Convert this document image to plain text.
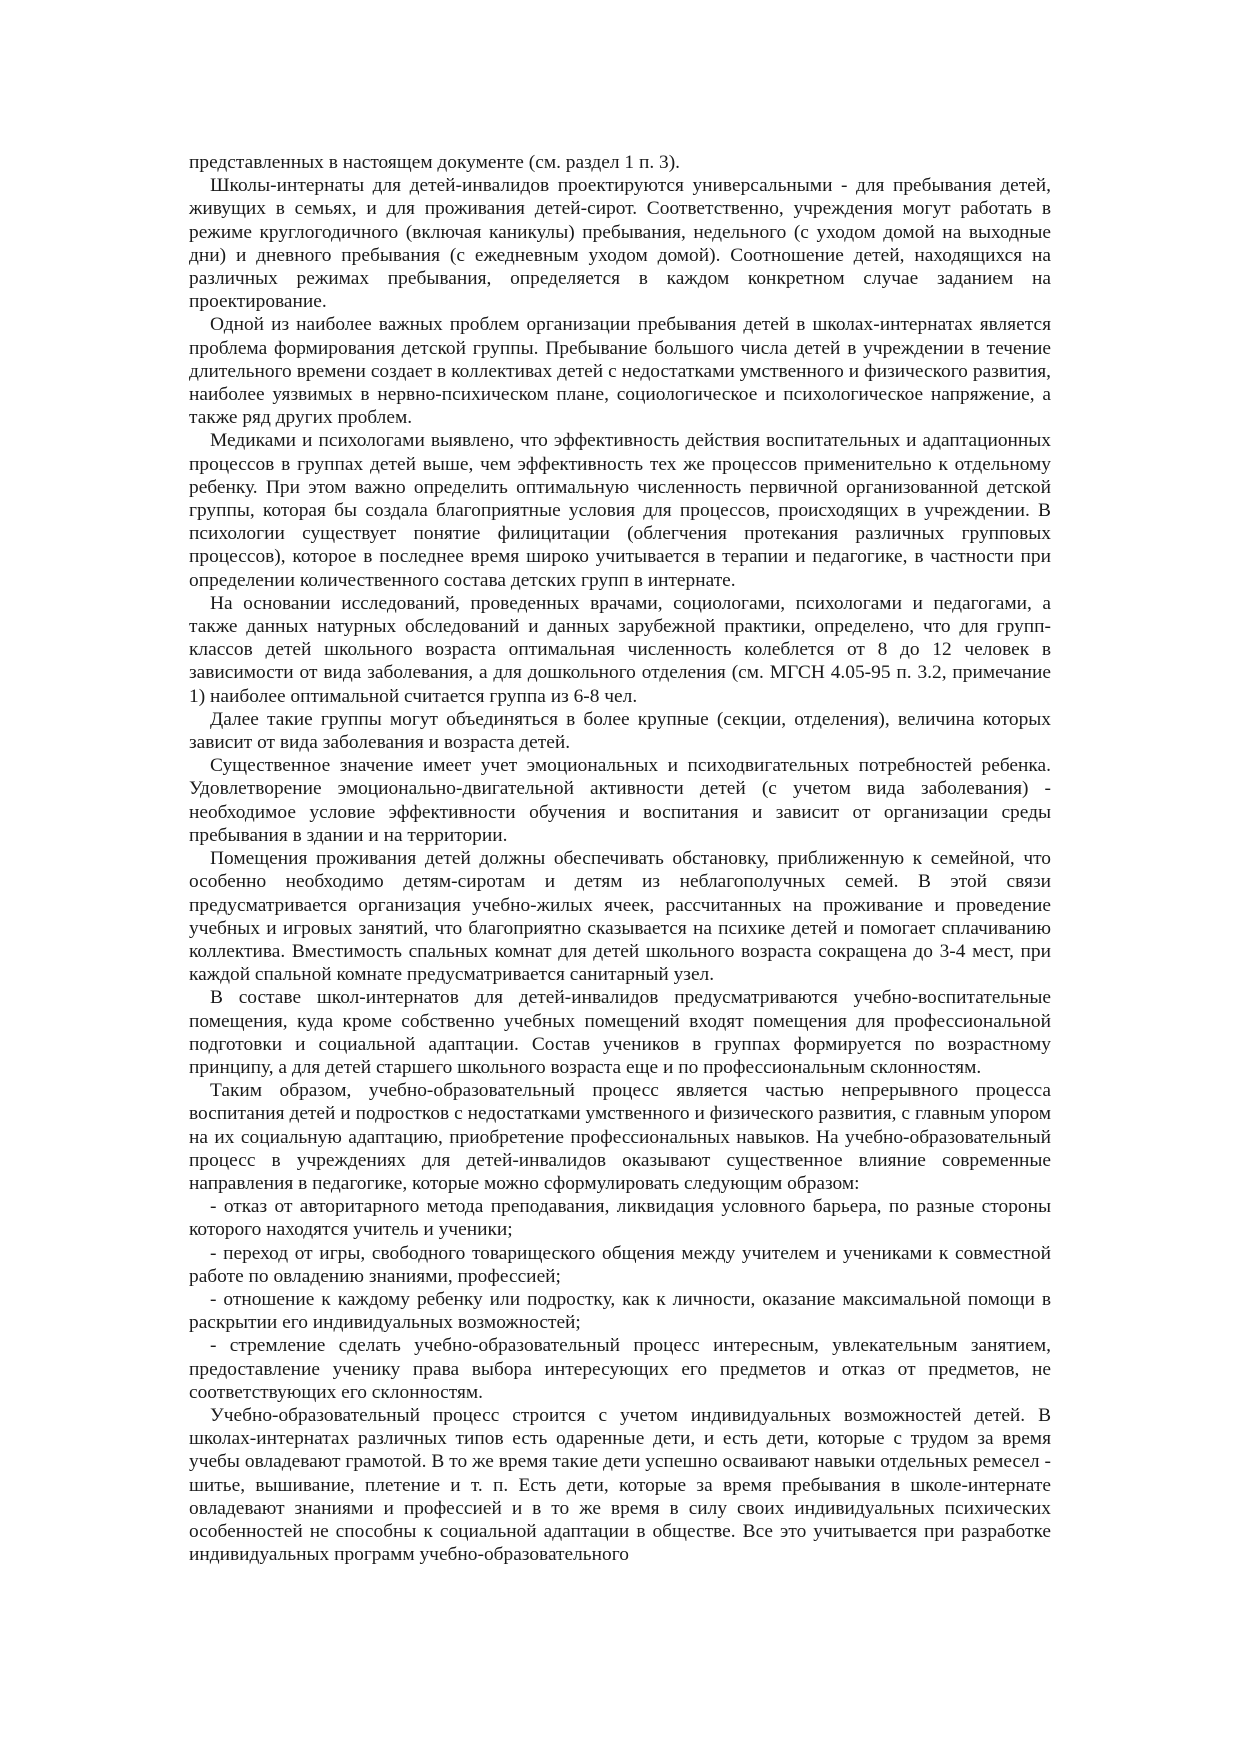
представленных в настоящем документе (см. раздел 1 п. 3).

Школы-интернаты для детей-инвалидов проектируются универсальными - для пребывания детей, живущих в семьях, и для проживания детей-сирот. Соответственно, учреждения могут работать в режиме круглогодичного (включая каникулы) пребывания, недельного (с уходом домой на выходные дни) и дневного пребывания (с ежедневным уходом домой). Соотношение детей, находящихся на различных режимах пребывания, определяется в каждом конкретном случае заданием на проектирование.

Одной из наиболее важных проблем организации пребывания детей в школах-интернатах является проблема формирования детской группы. Пребывание большого числа детей в учреждении в течение длительного времени создает в коллективах детей с недостатками умственного и физического развития, наиболее уязвимых в нервно-психическом плане, социологическое и психологическое напряжение, а также ряд других проблем.

Медиками и психологами выявлено, что эффективность действия воспитательных и адаптационных процессов в группах детей выше, чем эффективность тех же процессов применительно к отдельному ребенку. При этом важно определить оптимальную численность первичной организованной детской группы, которая бы создала благоприятные условия для процессов, происходящих в учреждении. В психологии существует понятие филицитации (облегчения протекания различных групповых процессов), которое в последнее время широко учитывается в терапии и педагогике, в частности при определении количественного состава детских групп в интернате.

На основании исследований, проведенных врачами, социологами, психологами и педагогами, а также данных натурных обследований и данных зарубежной практики, определено, что для групп-классов детей школьного возраста оптимальная численность колеблется от 8 до 12 человек в зависимости от вида заболевания, а для дошкольного отделения (см. МГСН 4.05-95 п. 3.2, примечание 1) наиболее оптимальной считается группа из 6-8 чел.

Далее такие группы могут объединяться в более крупные (секции, отделения), величина которых зависит от вида заболевания и возраста детей.

Существенное значение имеет учет эмоциональных и психодвигательных потребностей ребенка. Удовлетворение эмоционально-двигательной активности детей (с учетом вида заболевания) - необходимое условие эффективности обучения и воспитания и зависит от организации среды пребывания в здании и на территории.

Помещения проживания детей должны обеспечивать обстановку, приближенную к семейной, что особенно необходимо детям-сиротам и детям из неблагополучных семей. В этой связи предусматривается организация учебно-жилых ячеек, рассчитанных на проживание и проведение учебных и игровых занятий, что благоприятно сказывается на психике детей и помогает сплачиванию коллектива. Вместимость спальных комнат для детей школьного возраста сокращена до 3-4 мест, при каждой спальной комнате предусматривается санитарный узел.

В составе школ-интернатов для детей-инвалидов предусматриваются учебно-воспитательные помещения, куда кроме собственно учебных помещений входят помещения для профессиональной подготовки и социальной адаптации. Состав учеников в группах формируется по возрастному принципу, а для детей старшего школьного возраста еще и по профессиональным склонностям.

Таким образом, учебно-образовательный процесс является частью непрерывного процесса воспитания детей и подростков с недостатками умственного и физического развития, с главным упором на их социальную адаптацию, приобретение профессиональных навыков. На учебно-образовательный процесс в учреждениях для детей-инвалидов оказывают существенное влияние современные направления в педагогике, которые можно сформулировать следующим образом:

- отказ от авторитарного метода преподавания, ликвидация условного барьера, по разные стороны которого находятся учитель и ученики;

- переход от игры, свободного товарищеского общения между учителем и учениками к совместной работе по овладению знаниями, профессией;

- отношение к каждому ребенку или подростку, как к личности, оказание максимальной помощи в раскрытии его индивидуальных возможностей;

- стремление сделать учебно-образовательный процесс интересным, увлекательным занятием, предоставление ученику права выбора интересующих его предметов и отказ от предметов, не соответствующих его склонностям.

Учебно-образовательный процесс строится с учетом индивидуальных возможностей детей. В школах-интернатах различных типов есть одаренные дети, и есть дети, которые с трудом за время учебы овладевают грамотой. В то же время такие дети успешно осваивают навыки отдельных ремесел - шитье, вышивание, плетение и т. п. Есть дети, которые за время пребывания в школе-интернате овладевают знаниями и профессией и в то же время в силу своих индивидуальных психических особенностей не способны к социальной адаптации в обществе. Все это учитывается при разработке индивидуальных программ учебно-образовательного
